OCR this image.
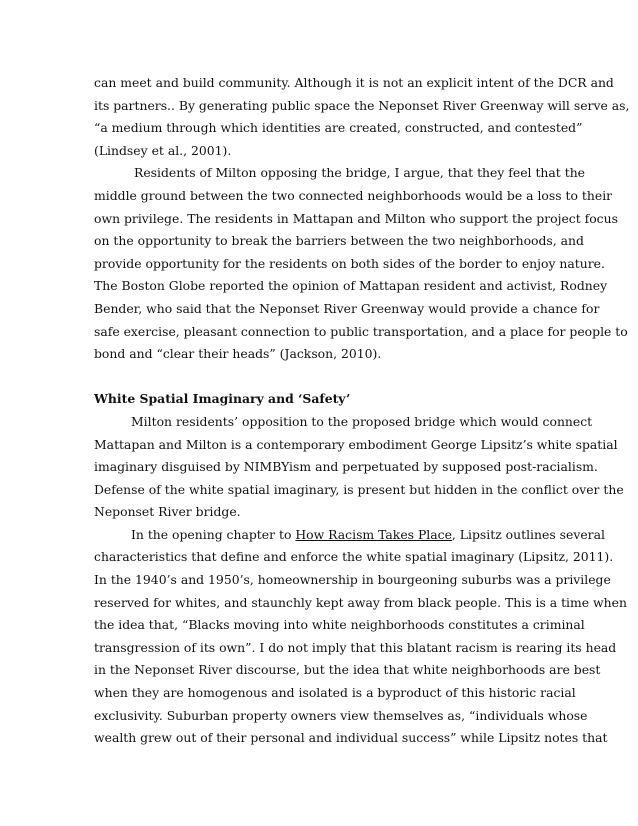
can meet and build community. Although it is not an explicit intent of the DCR and
its partners.. By generating public space the Neponset River Greenway will serve as,
“a medium through which identities are created, constructed, and contested”
(Lindsey et al., 2001).
Residents of Milton opposing the bridge, I argue, that they feel that the
middle ground between the two connected neighborhoods would be a loss to their
own privilege. The residents in Mattapan and Milton who support the project focus
on the opportunity to break the barriers between the two neighborhoods, and
provide opportunity for the residents on both sides of the border to enjoy nature.
The Boston Globe reported the opinion of Mattapan resident and activist, Rodney
Bender, who said that the Neponset River Greenway would provide a chance for
safe exercise, pleasant connection to public transportation, and a place for people to
bond and “clear their heads” (Jackson, 2010).
White Spatial Imaginary and ‘Safety’
Milton residents’ opposition to the proposed bridge which would connect
Mattapan and Milton is a contemporary embodiment George Lipsitz’s white spatial
imaginary disguised by NIMBYism and perpetuated by supposed post-racialism.
Defense of the white spatial imaginary, is present but hidden in the conflict over the
Neponset River bridge.
In the opening chapter to How Racism Takes Place, Lipsitz outlines several
characteristics that define and enforce the white spatial imaginary (Lipsitz, 2011).
In the 1940’s and 1950’s, homeownership in bourgeoning suburbs was a privilege
reserved for whites, and staunchly kept away from black people. This is a time when
the idea that, “Blacks moving into white neighborhoods constitutes a criminal
transgression of its own”. I do not imply that this blatant racism is rearing its head
in the Neponset River discourse, but the idea that white neighborhoods are best
when they are homogenous and isolated is a byproduct of this historic racial
exclusivity. Suburban property owners view themselves as, “individuals whose
wealth grew out of their personal and individual success” while Lipsitz notes that
